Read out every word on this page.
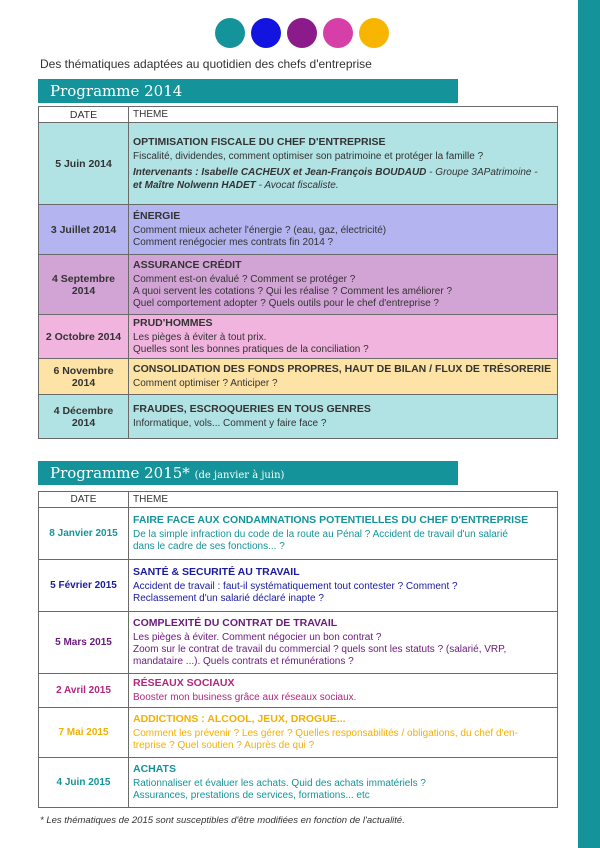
Des thématiques adaptées au quotidien des chefs d'entreprise
Programme 2014
DATE	THEME
5 Juin 2014	OPTIMISATION FISCALE DU CHEF D'ENTREPRISE
Fiscalité, dividendes, comment optimiser son patrimoine et protéger la famille ?
Intervenants : Isabelle CACHEUX et Jean-François BOUDAUD - Groupe 3APatrimoine -
et Maître Nolwenn HADET - Avocat fiscaliste.

3 Juillet 2014	ÉNERGIE
Comment mieux acheter l'énergie ? (eau, gaz, électricité)
Comment renégocier mes contrats fin 2014 ?

4 Septembre 2014	ASSURANCE CRÉDIT
Comment est-on évalué ? Comment se protéger ?
A quoi servent les cotations ? Qui les réalise ? Comment les améliorer ?
Quel comportement adopter ? Quels outils pour le chef d'entreprise ?

2 Octobre 2014	PRUD'HOMMES
Les pièges à éviter à tout prix.
Quelles sont les bonnes pratiques de la conciliation ?

6 Novembre 2014	CONSOLIDATION DES FONDS PROPRES, HAUT DE BILAN / FLUX DE TRÉSORERIE
Comment optimiser ? Anticiper ?

4 Décembre 2014	FRAUDES, ESCROQUERIES EN TOUS GENRES
Informatique, vols... Comment y faire face ?
Programme 2015* (de janvier à juin)
DATE	THEME
8 Janvier 2015	FAIRE FACE AUX CONDAMNATIONS POTENTIELLES DU CHEF D'ENTREPRISE
De la simple infraction du code de la route au Pénal ? Accident de travail d'un salarié
dans le cadre de ses fonctions... ?

5 Février 2015	SANTÉ & SECURITÉ AU TRAVAIL
Accident de travail : faut-il systématiquement tout contester ? Comment ?
Reclassement d'un salarié déclaré inapte ?

5 Mars 2015	COMPLEXITÉ DU CONTRAT DE TRAVAIL
Les pièges à éviter. Comment négocier un bon contrat ?
Zoom sur le contrat de travail du commercial ? quels sont les statuts ? (salarié, VRP,
mandataire ...). Quels contrats et rémunérations ?

2 Avril 2015	RÉSEAUX SOCIAUX
Booster mon business grâce aux réseaux sociaux.

7 Mai 2015	ADDICTIONS : ALCOOL, JEUX, DROGUE...
Comment les prévenir ? Les gérer ? Quelles responsabilités / obligations, du chef d'en-
treprise ? Quel soutien ? Auprès de qui ?

4 Juin 2015	ACHATS
Rationnaliser et évaluer les achats. Quid des achats immatériels ?
Assurances, prestations de services, formations... etc
* Les thématiques de 2015 sont susceptibles d'être modifiées en fonction de l'actualité.
